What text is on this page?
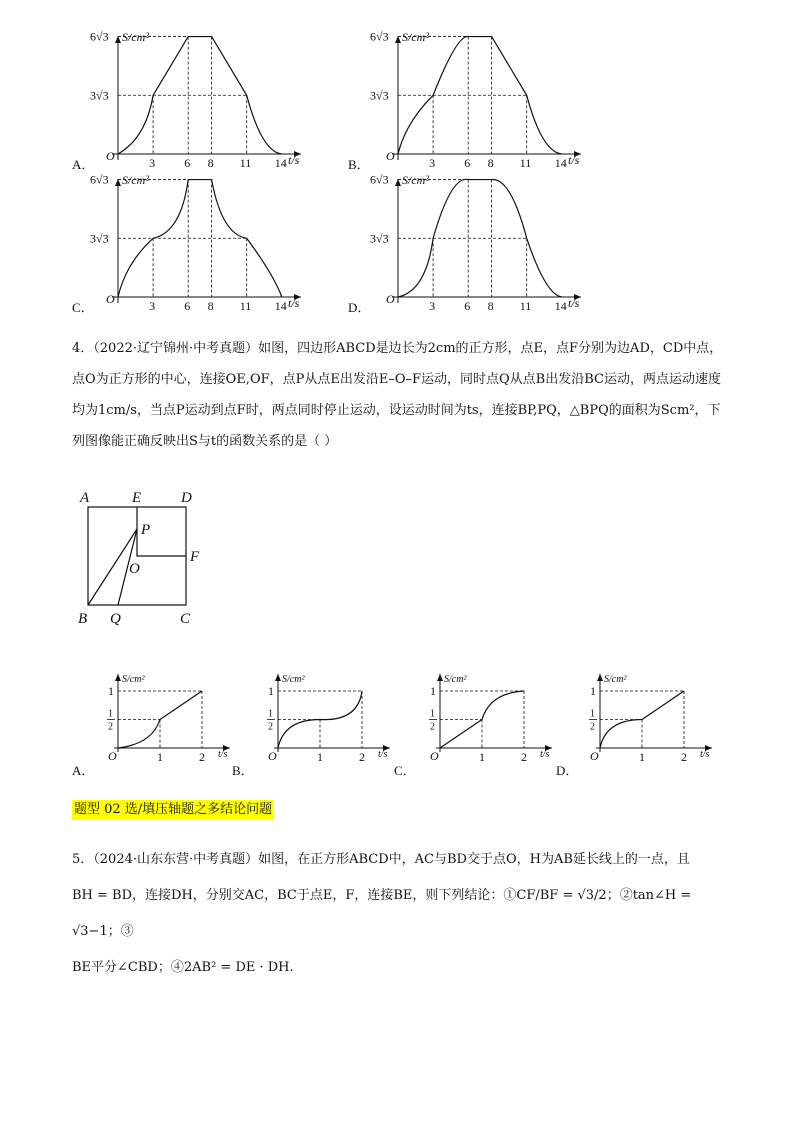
S/cm²
t/s
O
6√3
3√3
3 6 8 11 14
S/cm²
t/s
O
6√3
3√3
3 6 8 11 14
S/cm²
t/s
O
6√3
3√3
3 6 8 11 14
S/cm²
t/s
O
6√3
3√3
3 6 8 11 14

4．（2022·辽宁锦州·中考真题）如图，四边形ABCD是边长为2cm的正方形，点E，点F分别为边AD，CD中点，点O为正方形的中心，连接OE,OF，点P从点E出发沿E–O–F运动，同时点Q从点B出发沿BC运动，两点运动速度均为1cm/s，当点P运动到点F时，两点同时停止运动，设运动时间为ts，连接BP,PQ，△BPQ的面积为Scm²，下列图像能正确反映出S与t的函数关系的是（ ）

A	E	D
P
O
F
B Q	C
S/cm²
t/s
O
1
1
2
1	2
S/cm²
t/s
O
1
1
2
1	2
S/cm²
t/s
O
1
1
2
1	2
S/cm²
t/s
O
1
1
2
1	2
题型 02 选/填压轴题之多结论问题

5．（2024·山东东营·中考真题）如图，在正方形ABCD中，AC与BD交于点O，H为AB延长线上的一点，且

BH = BD，连接DH，分别交AC，BC于点E，F，连接BE，则下列结论：①CF/BF = √3/2；②tan∠H = √3−1；③

BE平分∠CBD；④2AB² = DE · DH.

A．	B．
C．	D．
A．	B．	C．	D．
